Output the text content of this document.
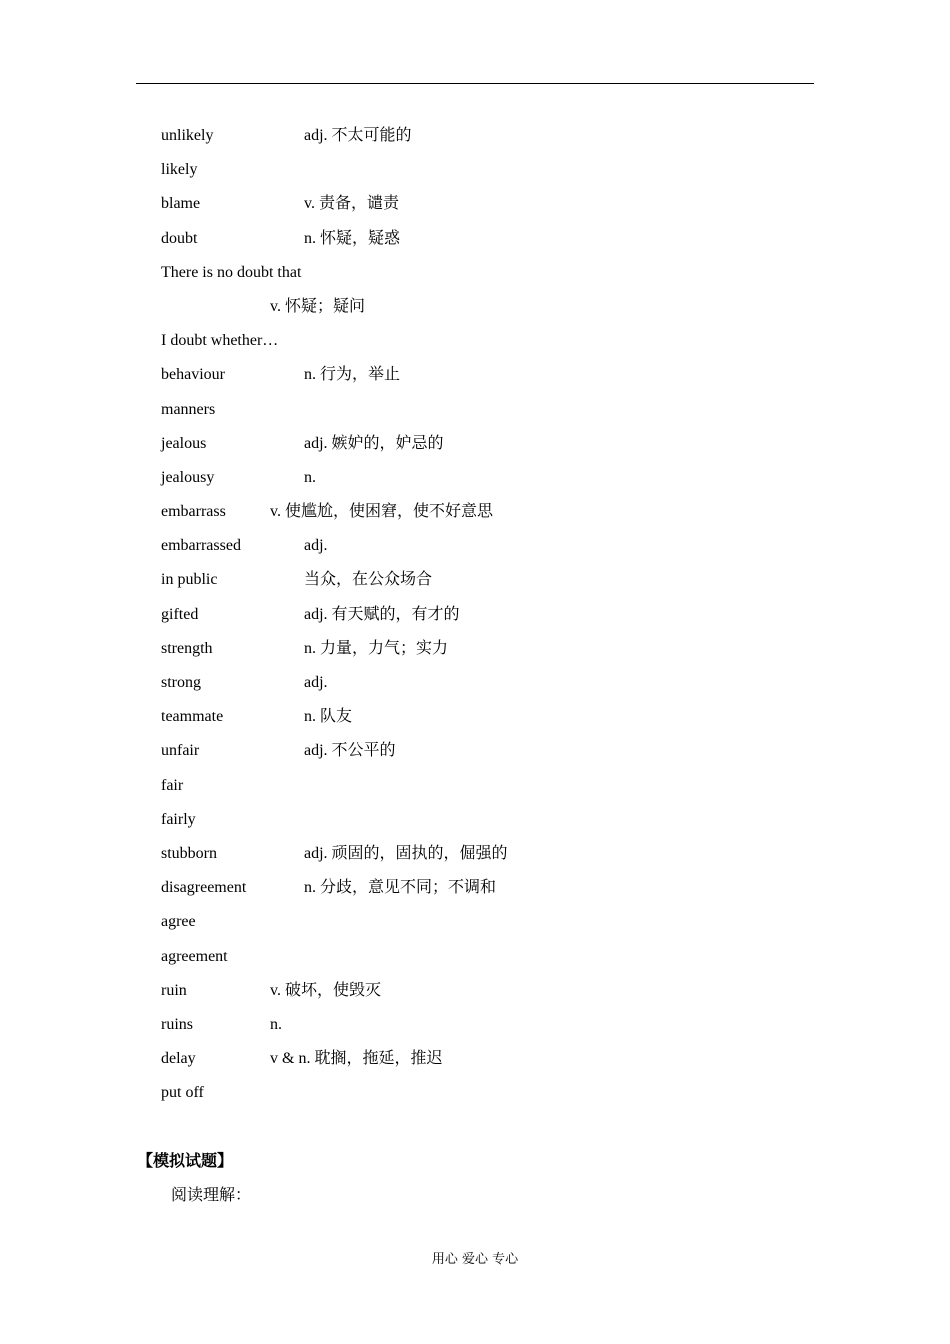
unlikely	adj. 不太可能的
likely
blame	v. 责备，谴责
doubt	n. 怀疑，疑惑
There is no doubt that
v. 怀疑；疑问
I doubt whether…
behaviour	n. 行为，举止
manners
jealous	adj. 嫉妒的，妒忌的
jealousy	n.
embarrass	v. 使尴尬，使困窘，使不好意思
embarrassed	adj.
in public	当众，在公众场合
gifted	adj. 有天赋的，有才的
strength	n. 力量，力气；实力
strong	adj.
teammate	n. 队友
unfair	adj. 不公平的
fair
fairly
stubborn	adj. 顽固的，固执的，倔强的
disagreement	n. 分歧，意见不同；不调和
agree
agreement
ruin	v. 破坏，使毁灭
ruins	n.
delay	v & n. 耽搁，拖延，推迟
put off
【模拟试题】
阅读理解：
用心 爱心 专心
